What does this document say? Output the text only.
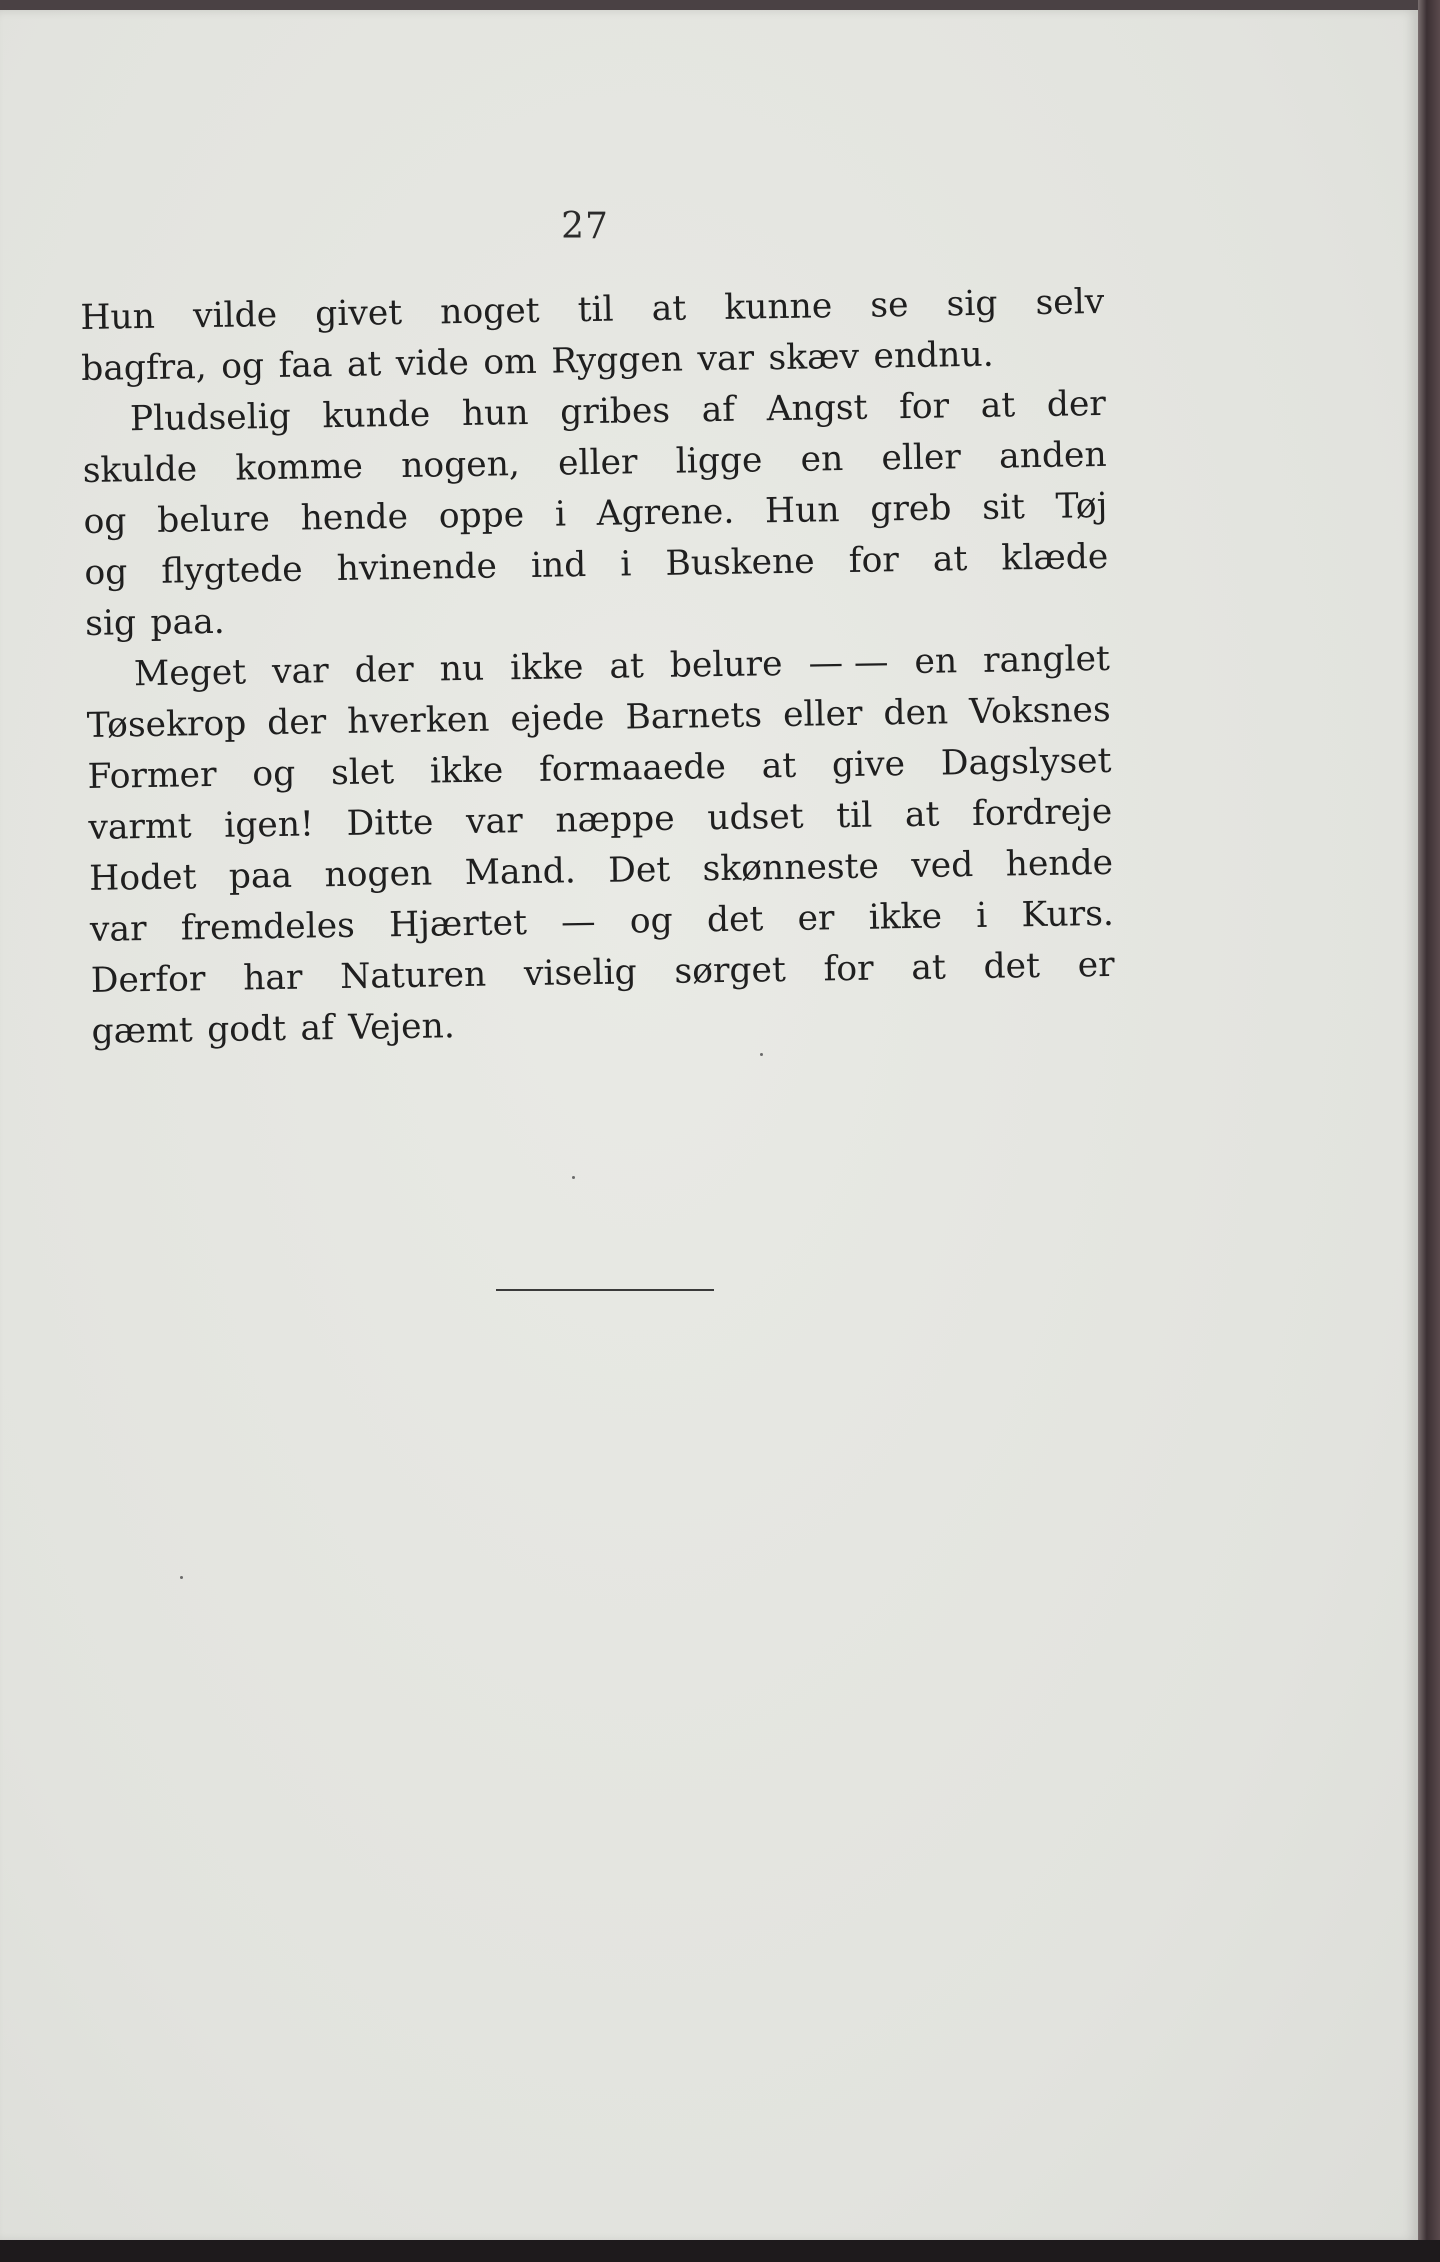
27
Hun vilde givet noget til at kunne se sig selv
bagfra, og faa at vide om Ryggen var skæv endnu.
Pludselig kunde hun gribes af Angst for at der
skulde komme nogen, eller ligge en eller anden
og belure hende oppe i Agrene. Hun greb sit Tøj
og flygtede hvinende ind i Buskene for at klæde
sig paa.
Meget var der nu ikke at belure — — en ranglet
Tøsekrop der hverken ejede Barnets eller den Voksnes
Former og slet ikke formaaede at give Dagslyset
varmt igen! Ditte var næppe udset til at fordreje
Hodet paa nogen Mand. Det skønneste ved hende
var fremdeles Hjærtet — og det er ikke i Kurs.
Derfor har Naturen viselig sørget for at det er
gæmt godt af Vejen.
